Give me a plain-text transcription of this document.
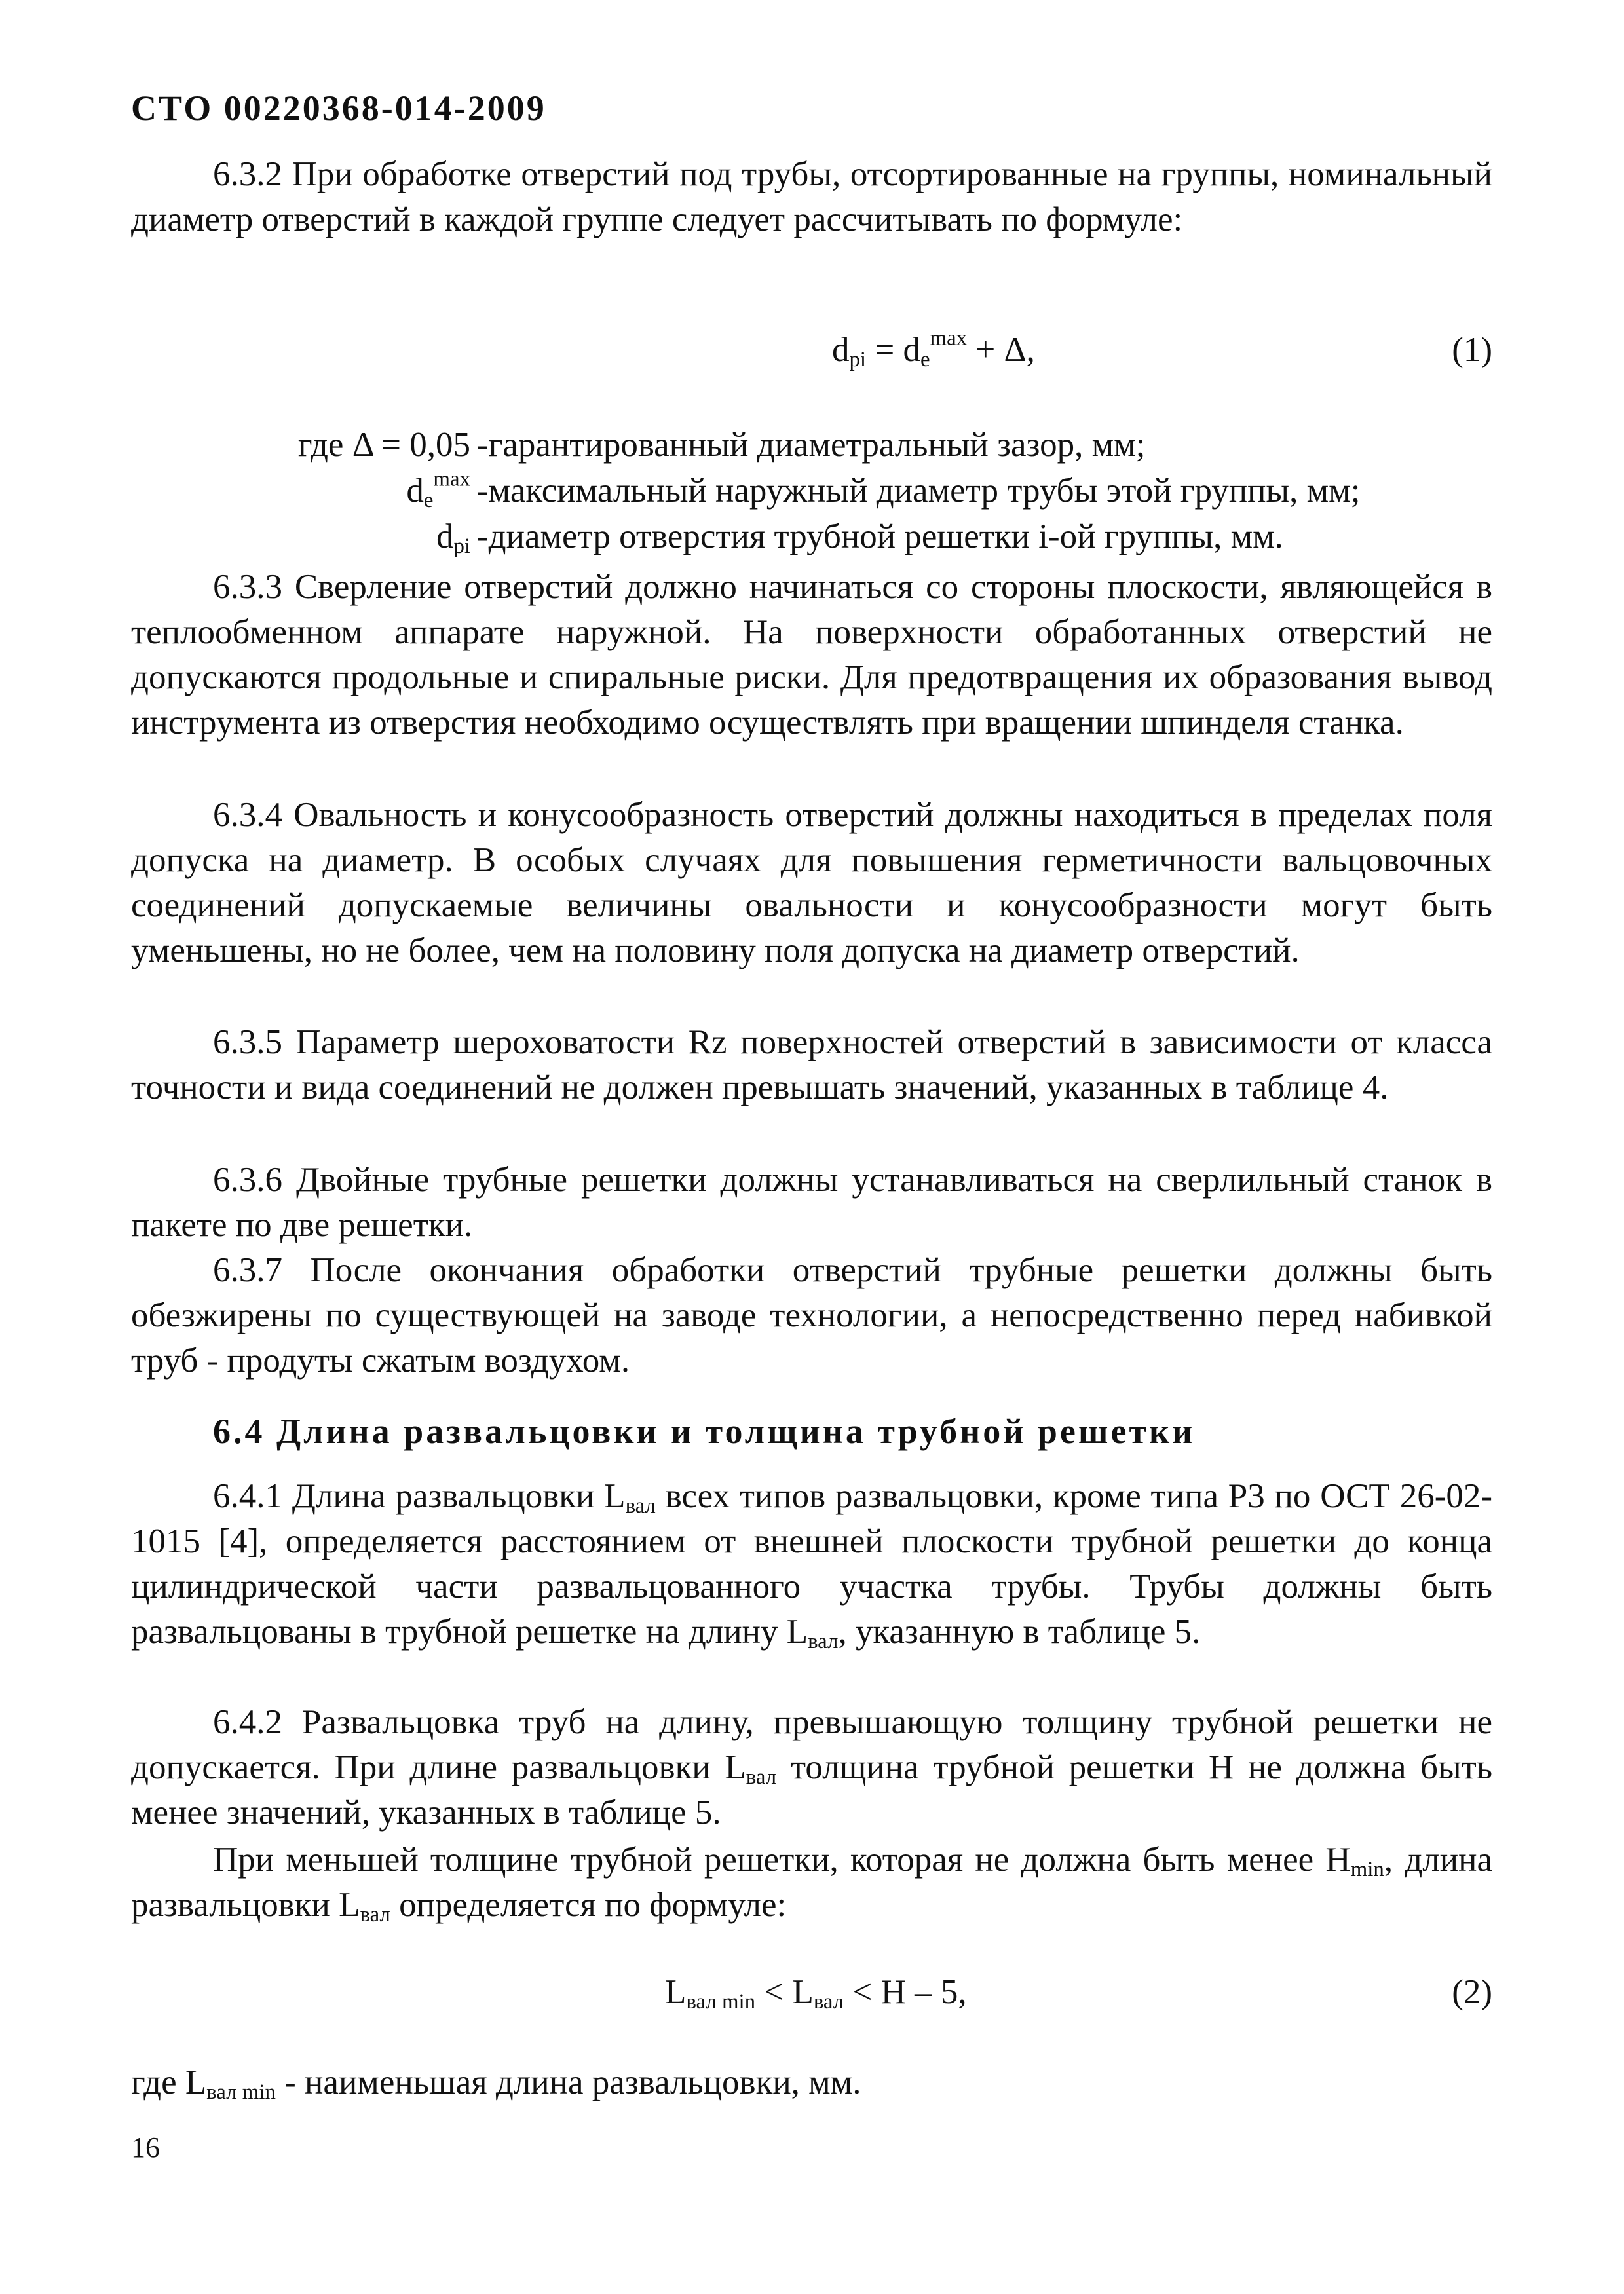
СТО 00220368-014-2009

6.3.2 При обработке отверстий под трубы, отсортированные на группы, номинальный диаметр отверстий в каждой группе следует рассчитывать по формуле:

$d_{pi} = d_e^{max} + \Delta$,	(1)
где Δ = 0,05 -гарантированный диаметральный зазор, мм;
$d_e^{max}$ -максимальный наружный диаметр трубы этой группы, мм;
$d_{pi}$ -диаметр отверстия трубной решетки i-ой группы, мм.

6.3.3 Сверление отверстий должно начинаться со стороны плоскости, являющейся в теплообменном аппарате наружной. На поверхности обработанных отверстий не допускаются продольные и спиральные риски. Для предотвращения их образования вывод инструмента из отверстия необходимо осуществлять при вращении шпинделя станка.

6.3.4 Овальность и конусообразность отверстий должны находиться в пределах поля допуска на диаметр. В особых случаях для повышения герметичности вальцовочных соединений допускаемые величины овальности и конусообразности могут быть уменьшены, но не более, чем на половину поля допуска на диаметр отверстий.

6.3.5 Параметр шероховатости Rz поверхностей отверстий в зависимости от класса точности и вида соединений не должен превышать значений, указанных в таблице 4.

6.3.6 Двойные трубные решетки должны устанавливаться на сверлильный станок в пакете по две решетки.

6.3.7 После окончания обработки отверстий трубные решетки должны быть обезжирены по существующей на заводе технологии, а непосредственно перед набивкой труб - продуты сжатым воздухом.

6.4 Длина развальцовки и толщина трубной решетки

6.4.1 Длина развальцовки $L_{вал}$ всех типов развальцовки, кроме типа Р3 по ОСТ 26-02-1015 [4], определяется расстоянием от внешней плоскости трубной решетки до конца цилиндрической части развальцованного участка трубы. Трубы должны быть развальцованы в трубной решетке на длину $L_{вал}$, указанную в таблице 5.

6.4.2 Развальцовка труб на длину, превышающую толщину трубной решетки не допускается. При длине развальцовки $L_{вал}$ толщина трубной решетки H не должна быть менее значений, указанных в таблице 5.

При меньшей толщине трубной решетки, которая не должна быть менее $H_{min}$, длина развальцовки $L_{вал}$ определяется по формуле:

$L_{вал min} < L_{вал} < H - 5$,	(2)
где $L_{вал min}$ - наименьшая длина развальцовки, мм.
16
